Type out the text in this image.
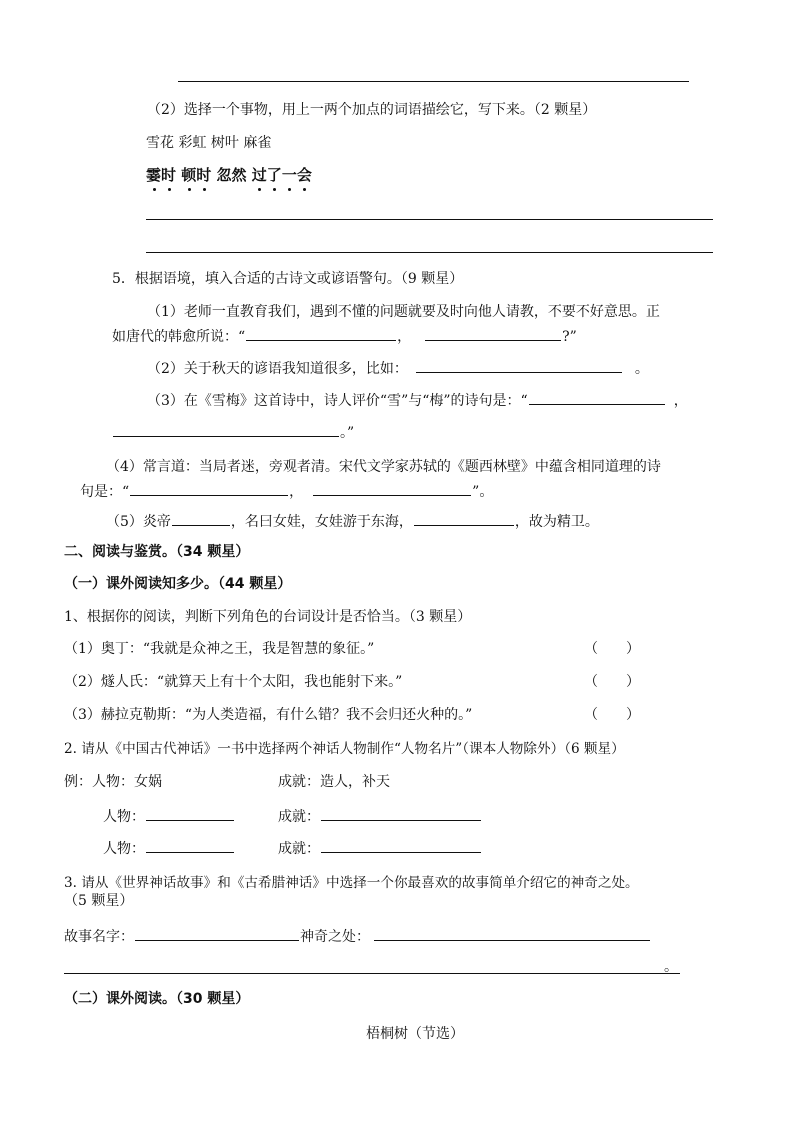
（2）选择一个事物，用上一两个加点的词语描绘它，写下来。（2 颗星）
雪花 彩虹 树叶 麻雀
霎时 顿时 忽然 过了一会
5．根据语境，填入合适的古诗文或谚语警句。（9 颗星）
（1）老师一直教育我们，遇到不懂的问题就要及时向他人请教，不要不好意思。正
如唐代的韩愈所说：“	，	?”
（2）关于秋天的谚语我知道很多，比如：	。
（3）在《雪梅》这首诗中，诗人评价“雪”与“梅”的诗句是：“	，
。”
（4）常言道：当局者迷，旁观者清。宋代文学家苏轼的《题西林壁》中蕴含相同道理的诗
句是：“	，	”。
（5）炎帝	，名曰女娃，女娃游于东海，	，故为精卫。
二、阅读与鉴赏。（34 颗星）
（一）课外阅读知多少。（44 颗星）
1、根据你的阅读，判断下列角色的台词设计是否恰当。（3 颗星）
（1）奥丁：“我就是众神之王，我是智慧的象征。”	（　　）
（2）燧人氏：“就算天上有十个太阳，我也能射下来。”	（　　）
（3）赫拉克勒斯：“为人类造福，有什么错？我不会归还火种的。”	（　　）
2. 请从《中国古代神话》一书中选择两个神话人物制作“人物名片”（课本人物除外）（6 颗星）
例：人物：女娲	成就：造人，补天
人物：	成就：
人物：	成就：
3. 请从《世界神话故事》和《古希腊神话》中选择一个你最喜欢的故事简单介绍它的神奇之处。
（5 颗星）
故事名字：	神奇之处：
。
（二）课外阅读。（30 颗星）
梧桐树（节选）
